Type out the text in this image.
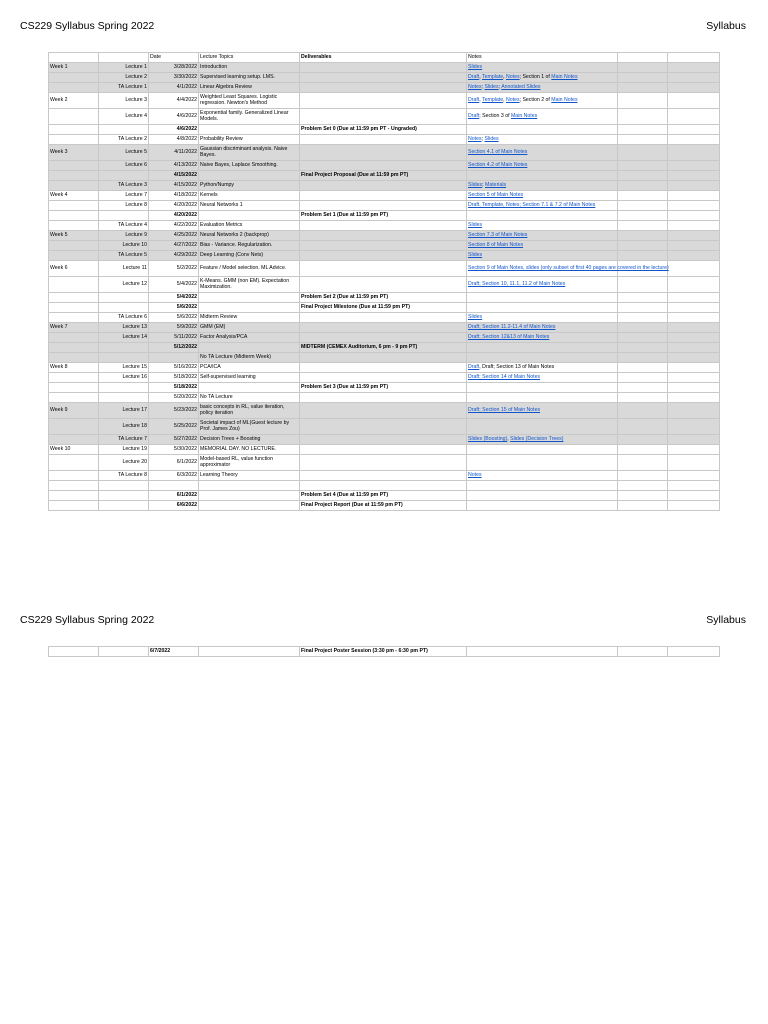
CS229 Syllabus Spring 2022	Syllabus
		Date	Lecture Topics	Deliverables	Notes		
Week 1	Lecture 1	3/28/2022	Introduction		Slides		
	Lecture 2	3/30/2022	Supervised learning setup. LMS.		Draft, Template, Notes; Section 1 of Main Notes		
	TA Lecture 1	4/1/2022	Linear Algebra Review		Notes; Slides; Annotated Slides		
Week 2	Lecture 3	4/4/2022	Weighted Least Squares. Logistic regression. Newton's Method		Draft, Template, Notes; Section 2 of Main Notes		
	Lecture 4	4/6/2022	Exponential family. Generalized Linear Models.		Draft; Section 3 of Main Notes		
		4/6/2022		Problem Set 0 (Due at 11:59 pm PT - Ungraded)			
	TA Lecture 2	4/8/2022	Probability Review		Notes; Slides		
Week 3	Lecture 5	4/11/2022	Gaussian discriminant analysis. Naive Bayes.		Section 4.1 of Main Notes		
	Lecture 6	4/13/2022	Naive Bayes, Laplace Smoothing.		Section 4.2 of Main Notes		
		4/15/2022		Final Project Proposal (Due at 11:59 pm PT)			
	TA Lecture 3	4/15/2022	Python/Numpy		Slides; Materials		
Week 4	Lecture 7	4/18/2022	Kernels		Section 5 of Main Notes		
	Lecture 8	4/20/2022	Neural Networks 1		Draft, Template, Notes; Section 7.1 & 7.2 of Main Notes		
		4/20/2022		Problem Set 1 (Due at 11:59 pm PT)			
	TA Lecture 4	4/22/2022	Evaluation Metrics		Slides		
Week 5	Lecture 9	4/25/2022	Neural Networks 2 (backprop)		Section 7.3 of Main Notes		
	Lecture 10	4/27/2022	Bias - Variance. Regularization.		Section 8 of Main Notes		
	TA Lecture 5	4/29/2022	Deep Learning (Conv Nets)		Slides		
Week 6	Lecture 11	5/2/2022	Feature / Model selection. ML Advice.		Section 9 of Main Notes, slides (only subset of first 40 pages are covered in the lecture)		
	Lecture 12	5/4/2022	K-Means. GMM (non EM). Expectation Maximization.		Draft; Section 10, 11.1, 11.2 of Main Notes		
		5/4/2022		Problem Set 2 (Due at 11:59 pm PT)			
		5/6/2022		Final Project Milestone (Due at 11:59 pm PT)			
	TA Lecture 6	5/6/2022	Midterm Review		Slides		
Week 7	Lecture 13	5/9/2022	GMM (EM)		Draft; Section 11.2-11.4 of Main Notes		
	Lecture 14	5/11/2022	Factor Analysis/PCA		Draft; Section 12&13 of Main Notes		
		5/12/2022		MIDTERM (CEMEX Auditorium, 6 pm - 9 pm PT)			
			No TA Lecture (Midterm Week)				
Week 8	Lecture 15	5/16/2022	PCA/ICA		Draft, Draft; Section 13 of Main Notes		
	Lecture 16	5/18/2022	Self-supervised learning		Draft; Section 14 of Main Notes		
		5/18/2022		Problem Set 3 (Due at 11:59 pm PT)			
		5/20/2022	No TA Lecture				
Week 9	Lecture 17	5/23/2022	basic concepts in RL, value iteration, policy iteration		Draft; Section 15 of Main Notes		
	Lecture 18	5/25/2022	Societal impact of ML(Guest lecture by Prof. James Zou)				
	TA Lecture 7	5/27/2022	Decision Trees + Boosting		Slides (Boosting), Slides (Decision Trees)		
Week 10	Lecture 19	5/30/2022	MEMORIAL DAY. NO LECTURE.				
	Lecture 20	6/1/2022	Model-based RL, value function approximator				
	TA Lecture 8	6/3/2022	Learning Theory		Notes		

		6/1/2022		Problem Set 4 (Due at 11:59 pm PT)			
		6/6/2022		Final Project Report (Due at 11:59 pm PT)			
CS229 Syllabus Spring 2022	Syllabus
		6/7/2022		Final Project Poster Session (3:30 pm - 6:30 pm PT)			
